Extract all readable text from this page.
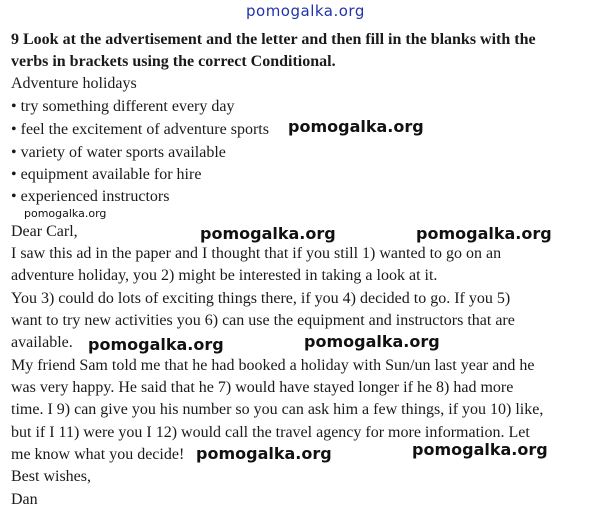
pomogalka.org
9 Look at the advertisement and the letter and then fill in the blanks with the
verbs in brackets using the correct Conditional.
Adventure holidays
• try something different every day
• feel the excitement of adventure sports
• variety of water sports available
• equipment available for hire
• experienced instructors
Dear Carl,
I saw this ad in the paper and I thought that if you still 1) wanted to go on an
adventure holiday, you 2) might be interested in taking a look at it.
You 3) could do lots of exciting things there, if you 4) decided to go. If you 5)
want to try new activities you 6) can use the equipment and instructors that are
available.
My friend Sam told me that he had booked a holiday with Sun/un last year and he
was very happy. He said that he 7) would have stayed longer if he 8) had more
time. I 9) can give you his number so you can ask him a few things, if you 10) like,
but if I 11) were you I 12) would call the travel agency for more information. Let
me know what you decide!
Best wishes,
Dan
pomogalka.org
pomogalka.org
pomogalka.org	pomogalka.org
pomogalka.org	pomogalka.org
pomogalka.org	pomogalka.org
